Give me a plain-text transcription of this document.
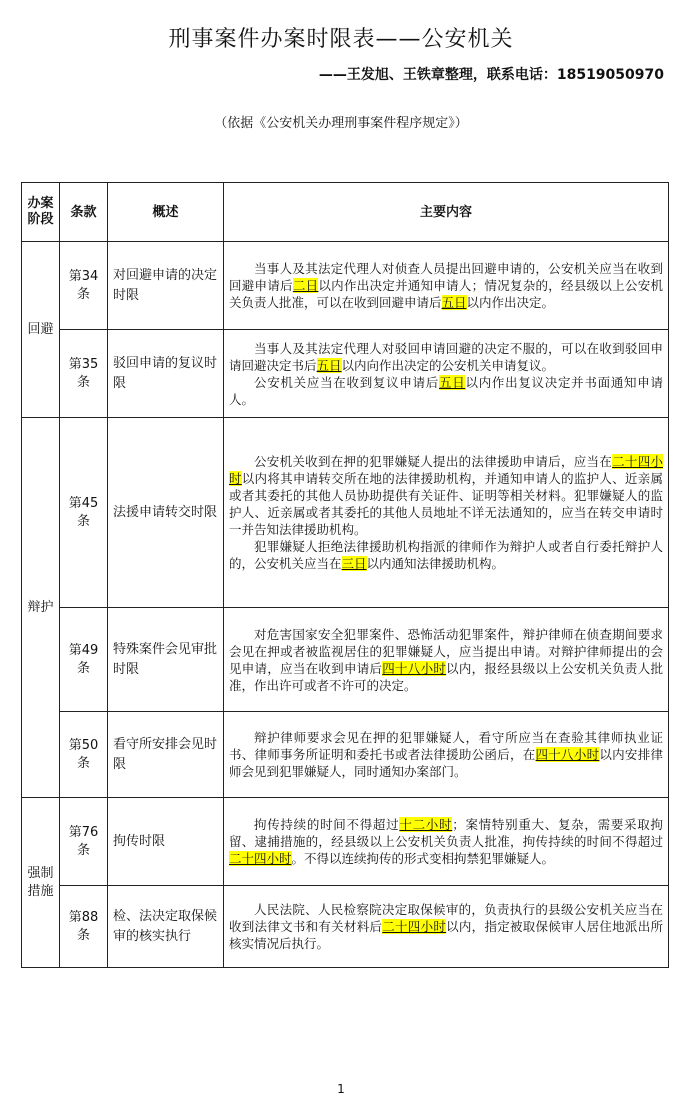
刑事案件办案时限表——公安机关
——王发旭、王铁章整理，联系电话：18519050970
（依据《公安机关办理刑事案件程序规定》）
办案阶段	条款	概述	主要内容
回避	第34条	对回避申请的决定时限	当事人及其法定代理人对侦查人员提出回避申请的，公安机关应当在收到回避申请后二日以内作出决定并通知申请人；情况复杂的，经县级以上公安机关负责人批准，可以在收到回避申请后五日以内作出决定。

	第35条	驳回申请的复议时限	当事人及其法定代理人对驳回申请回避的决定不服的，可以在收到驳回申请回避决定书后五日以内向作出决定的公安机关申请复议。

公安机关应当在收到复议申请后五日以内作出复议决定并书面通知申请人。

辩护	第45条	法援申请转交时限	公安机关收到在押的犯罪嫌疑人提出的法律援助申请后，应当在二十四小时以内将其申请转交所在地的法律援助机构，并通知申请人的监护人、近亲属或者其委托的其他人员协助提供有关证件、证明等相关材料。犯罪嫌疑人的监护人、近亲属或者其委托的其他人员地址不详无法通知的，应当在转交申请时一并告知法律援助机构。

犯罪嫌疑人拒绝法律援助机构指派的律师作为辩护人或者自行委托辩护人的，公安机关应当在三日以内通知法律援助机构。

	第49条	特殊案件会见审批时限	对危害国家安全犯罪案件、恐怖活动犯罪案件，辩护律师在侦查期间要求会见在押或者被监视居住的犯罪嫌疑人，应当提出申请。对辩护律师提出的会见申请，应当在收到申请后四十八小时以内，报经县级以上公安机关负责人批准，作出许可或者不许可的决定。

	第50条	看守所安排会见时限	辩护律师要求会见在押的犯罪嫌疑人，看守所应当在查验其律师执业证书、律师事务所证明和委托书或者法律援助公函后，在四十八小时以内安排律师会见到犯罪嫌疑人，同时通知办案部门。

强制措施	第76条	拘传时限	拘传持续的时间不得超过十二小时；案情特别重大、复杂，需要采取拘留、逮捕措施的，经县级以上公安机关负责人批准，拘传持续的时间不得超过二十四小时。不得以连续拘传的形式变相拘禁犯罪嫌疑人。

	第88条	检、法决定取保候审的核实执行	人民法院、人民检察院决定取保候审的，负责执行的县级公安机关应当在收到法律文书和有关材料后二十四小时以内，指定被取保候审人居住地派出所核实情况后执行。

1
